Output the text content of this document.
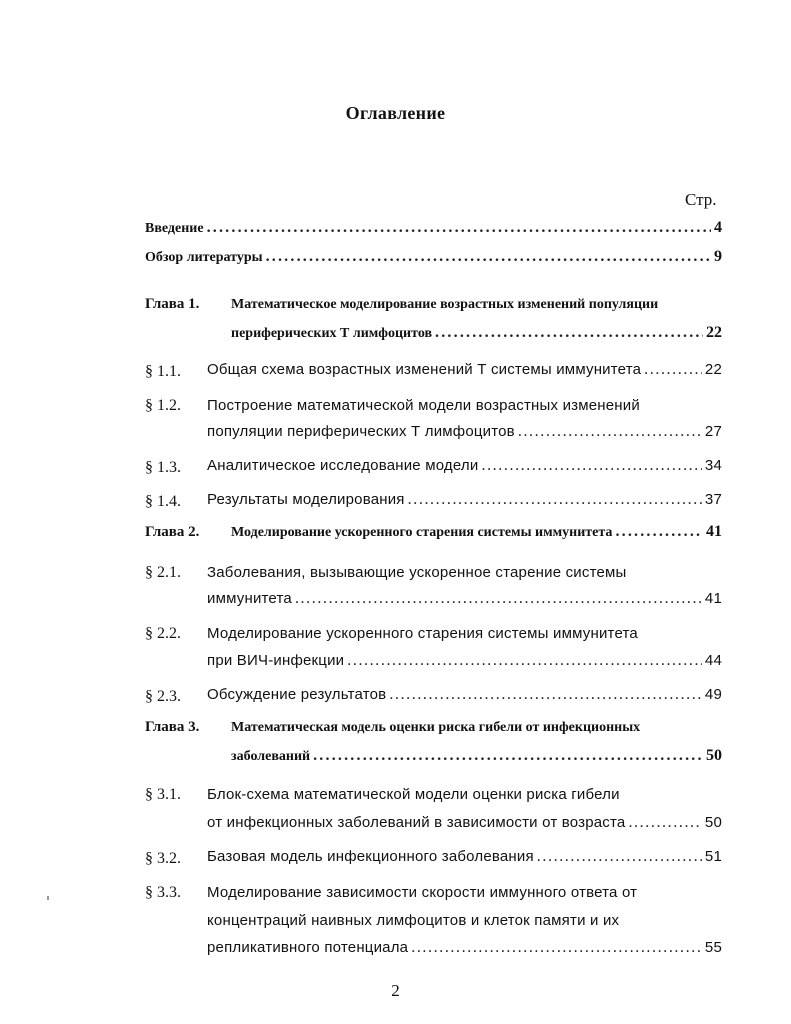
Оглавление
Стр.
Введение .....	4
Обзор литературы .....	9
Глава 1. Математическое моделирование возрастных изменений популяции
периферических Т лимфоцитов .....	22
§ 1.1. Общая схема возрастных изменений Т системы иммунитета .....	22
§ 1.2. Построение математической модели возрастных изменений
популяции периферических Т лимфоцитов .....	27
§ 1.3. Аналитическое исследование модели .....	34
§ 1.4. Результаты моделирования .....	37
Глава 2. Моделирование ускоренного старения системы иммунитета .....	41
§ 2.1. Заболевания, вызывающие ускоренное старение системы
иммунитета .....	41
§ 2.2. Моделирование ускоренного старения системы иммунитета
при ВИЧ-инфекции .....	44
§ 2.3. Обсуждение результатов .....	49
Глава 3. Математическая модель оценки риска гибели от инфекционных
заболеваний .....	50
§ 3.1. Блок-схема математической модели оценки риска гибели
от инфекционных заболеваний в зависимости от возраста .....	50
§ 3.2. Базовая модель инфекционного заболевания .....	51
§ 3.3. Моделирование зависимости скорости иммунного ответа от
концентраций наивных лимфоцитов и клеток памяти и их
репликативного потенциала .....	55
2
